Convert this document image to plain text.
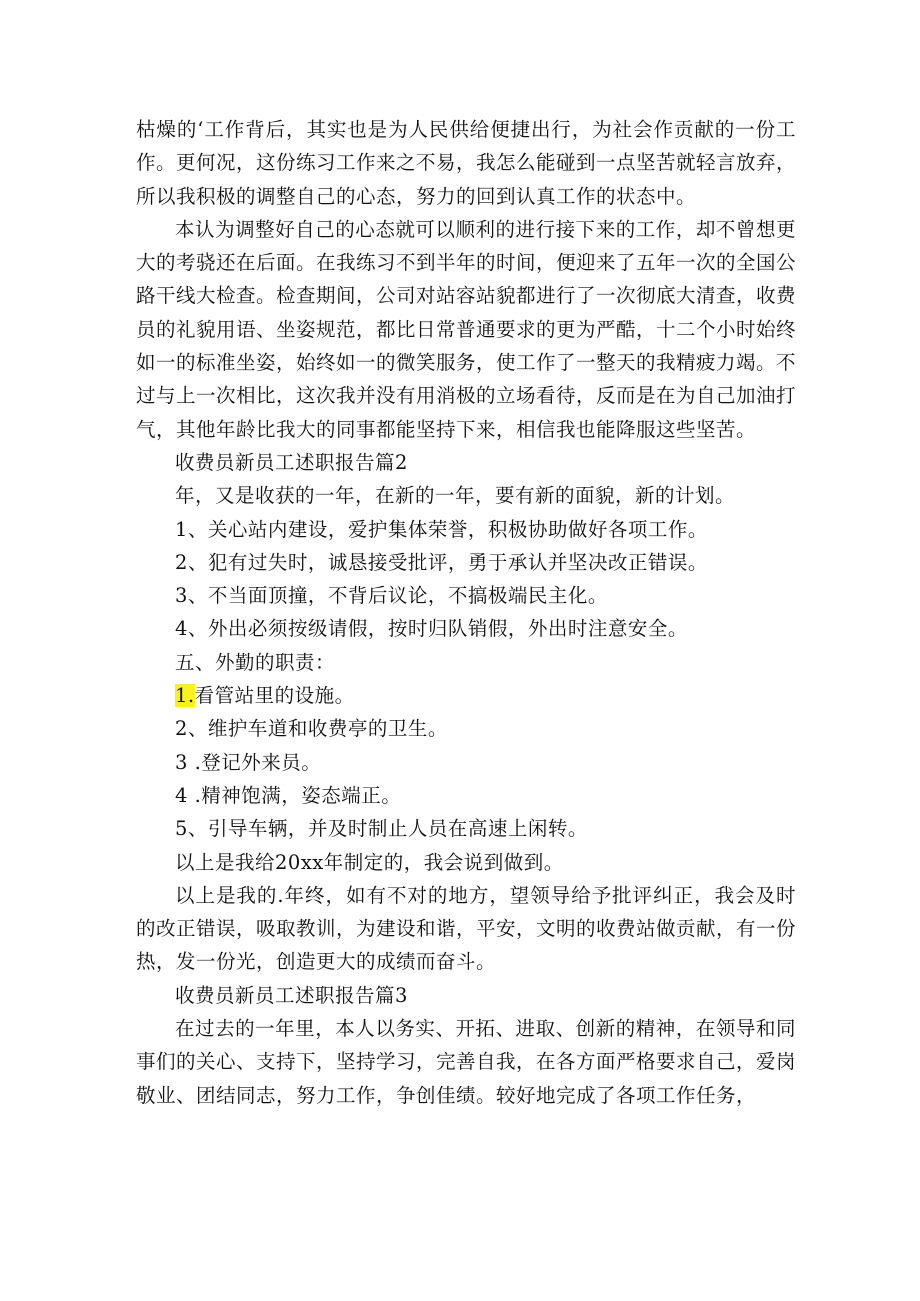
枯燥的‘工作背后，其实也是为人民供给便捷出行，为社会作贡献的一份工作。更何况，这份练习工作来之不易，我怎么能碰到一点坚苦就轻言放弃，所以我积极的调整自己的心态，努力的回到认真工作的状态中。

本认为调整好自己的心态就可以顺利的进行接下来的工作，却不曾想更大的考骁还在后面。在我练习不到半年的时间，便迎来了五年一次的全国公路干线大检查。检查期间，公司对站容站貌都进行了一次彻底大清查，收费员的礼貌用语、坐姿规范，都比日常普通要求的更为严酷，十二个小时始终如一的标准坐姿，始终如一的微笑服务，使工作了一整天的我精疲力竭。不过与上一次相比，这次我并没有用消极的立场看待，反而是在为自己加油打气，其他年龄比我大的同事都能坚持下来，相信我也能降服这些坚苦。

收费员新员工述职报告篇2

年，又是收获的一年，在新的一年，要有新的面貌，新的计划。

1、关心站内建设，爱护集体荣誉，积极协助做好各项工作。

2、犯有过失时，诚恳接受批评，勇于承认并坚决改正错误。

3、不当面顶撞，不背后议论，不搞极端民主化。

4、外出必须按级请假，按时归队销假，外出时注意安全。

五、外勤的职责：

1.看管站里的设施。

2、维护车道和收费亭的卫生。

3 .登记外来员。

4 .精神饱满，姿态端正。

5、引导车辆，并及时制止人员在高速上闲转。

以上是我给20xx年制定的，我会说到做到。

以上是我的.年终，如有不对的地方，望领导给予批评纠正，我会及时的改正错误，吸取教训，为建设和谐，平安，文明的收费站做贡献，有一份热，发一份光，创造更大的成绩而奋斗。

收费员新员工述职报告篇3

在过去的一年里，本人以务实、开拓、进取、创新的精神，在领导和同事们的关心、支持下，坚持学习，完善自我，在各方面严格要求自己，爱岗敬业、团结同志，努力工作，争创佳绩。较好地完成了各项工作任务，
